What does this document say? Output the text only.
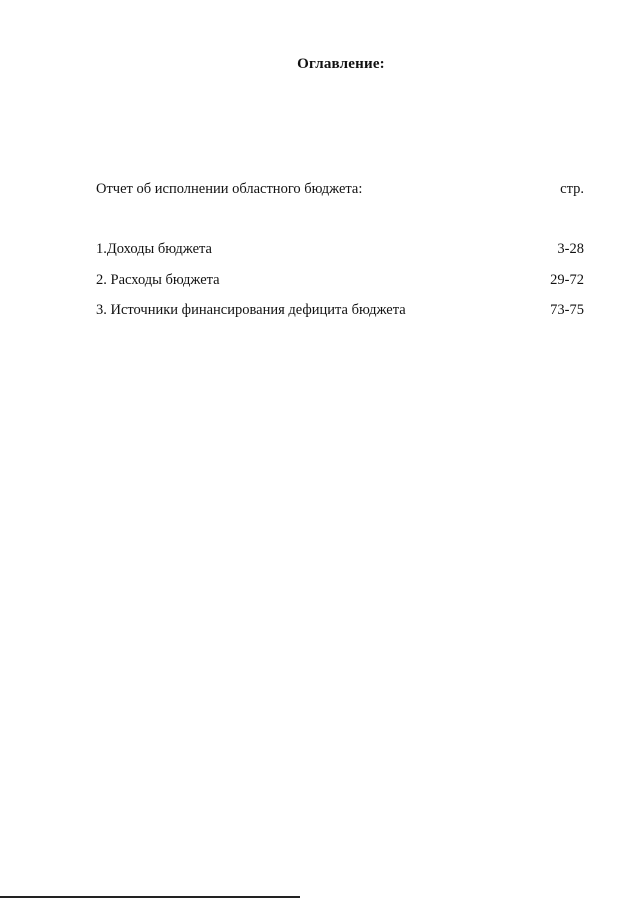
Оглавление:
Отчет об исполнении областного бюджета:	стр.
1.Доходы бюджета	3-28
2. Расходы бюджета	29-72
3. Источники финансирования дефицита бюджета	73-75
